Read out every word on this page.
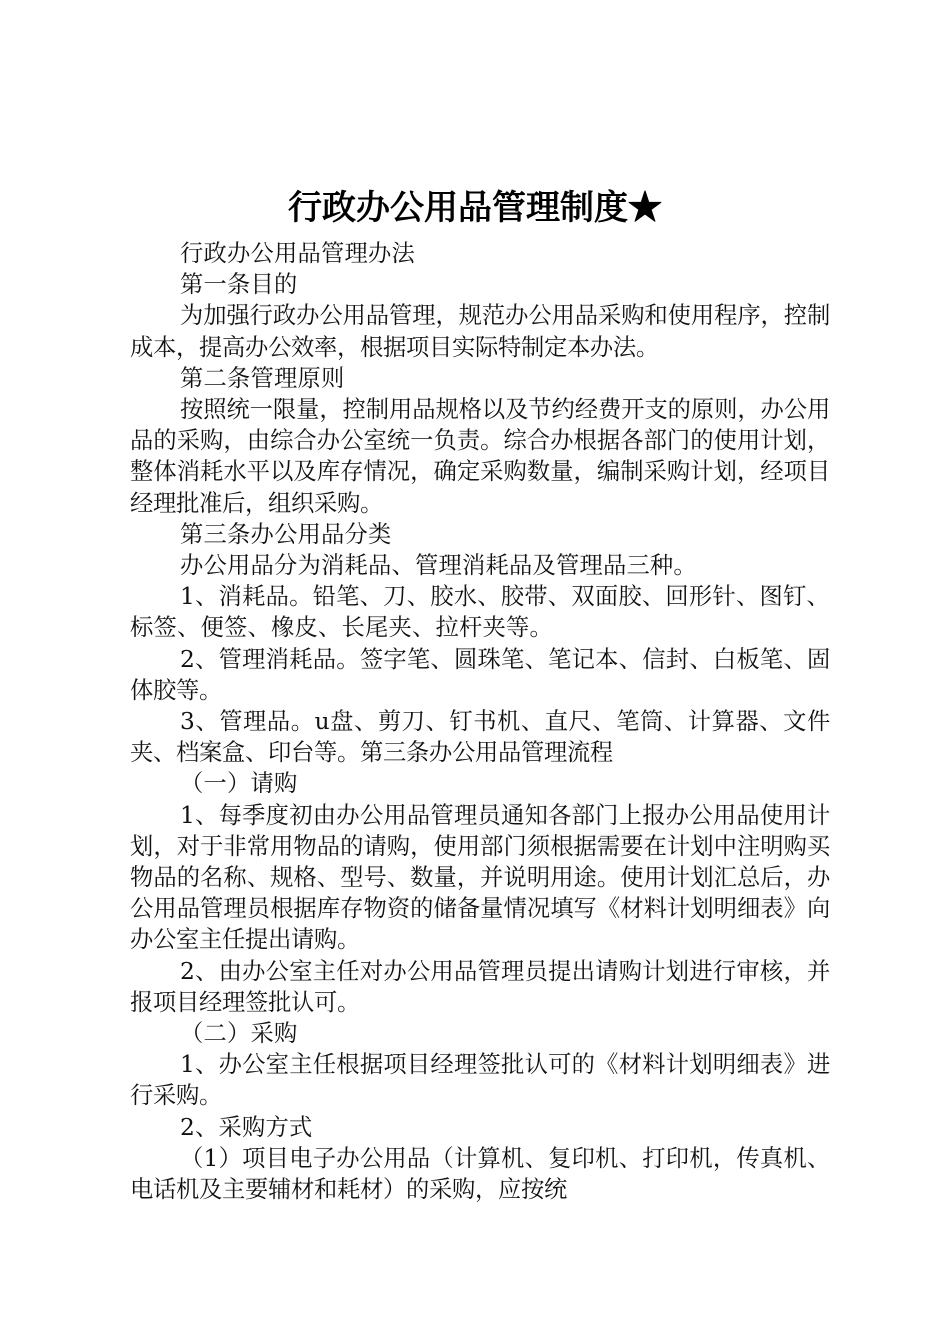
行政办公用品管理制度★

行政办公用品管理办法

第一条目的

为加强行政办公用品管理，规范办公用品采购和使用程序，控制成本，提高办公效率，根据项目实际特制定本办法。

第二条管理原则

按照统一限量，控制用品规格以及节约经费开支的原则，办公用品的采购，由综合办公室统一负责。综合办根据各部门的使用计划，整体消耗水平以及库存情况，确定采购数量，编制采购计划，经项目经理批准后，组织采购。

第三条办公用品分类

办公用品分为消耗品、管理消耗品及管理品三种。

1、消耗品。铅笔、刀、胶水、胶带、双面胶、回形针、图钉、标签、便签、橡皮、长尾夹、拉杆夹等。

2、管理消耗品。签字笔、圆珠笔、笔记本、信封、白板笔、固体胶等。

3、管理品。u盘、剪刀、钉书机、直尺、笔筒、计算器、文件夹、档案盒、印台等。第三条办公用品管理流程

（一）请购

1、每季度初由办公用品管理员通知各部门上报办公用品使用计划，对于非常用物品的请购，使用部门须根据需要在计划中注明购买物品的名称、规格、型号、数量，并说明用途。使用计划汇总后，办公用品管理员根据库存物资的储备量情况填写《材料计划明细表》向办公室主任提出请购。

2、由办公室主任对办公用品管理员提出请购计划进行审核，并报项目经理签批认可。

（二）采购

1、办公室主任根据项目经理签批认可的《材料计划明细表》进行采购。

2、采购方式

（1）项目电子办公用品（计算机、复印机、打印机，传真机、电话机及主要辅材和耗材）的采购，应按统
